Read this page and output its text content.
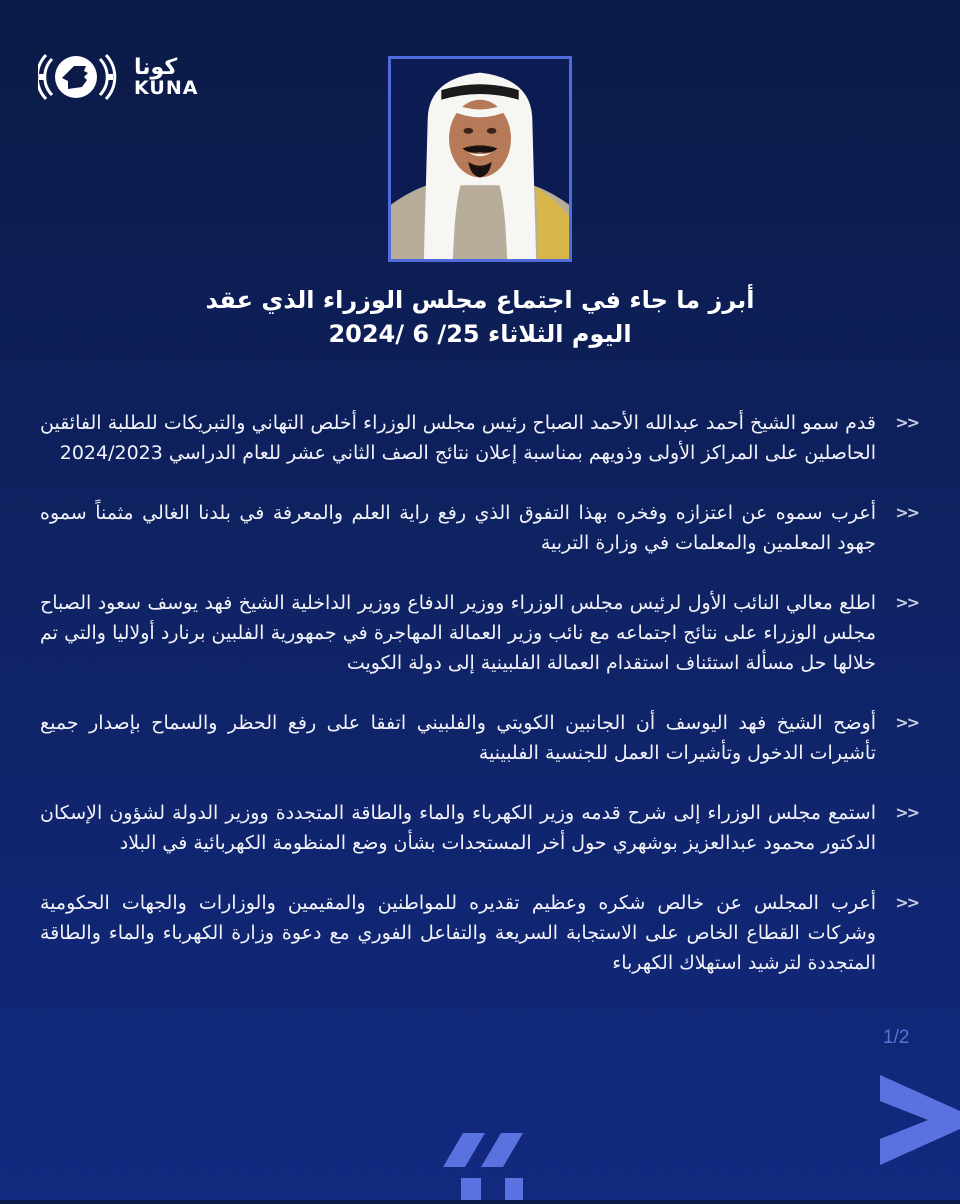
كونا
KUNA
أبرز ما جاء في اجتماع مجلس الوزراء الذي عقد
اليوم الثلاثاء 25/ 6 /2024
<<
قدم سمو الشيخ أحمد عبدالله الأحمد الصباح رئيس مجلس الوزراء أخلص التهاني والتبريكات للطلبة الفائقين الحاصلين على المراكز الأولى وذويهم بمناسبة إعلان نتائج الصف الثاني عشر للعام الدراسي 2024/2023
<<
أعرب سموه عن اعتزازه وفخره بهذا التفوق الذي رفع راية العلم والمعرفة في بلدنا الغالي مثمناً سموه جهود المعلمين والمعلمات في وزارة التربية
<<
اطلع معالي النائب الأول لرئيس مجلس الوزراء ووزير الدفاع ووزير الداخلية الشيخ فهد يوسف سعود الصباح مجلس الوزراء على نتائج اجتماعه مع نائب وزير العمالة المهاجرة في جمهورية الفلبين برنارد أولاليا والتي تم خلالها حل مسألة استئناف استقدام العمالة الفلبينية إلى دولة الكويت
<<
أوضح الشيخ فهد اليوسف أن الجانبين الكويتي والفلبيني اتفقا على رفع الحظر والسماح بإصدار جميع تأشيرات الدخول وتأشيرات العمل للجنسية الفلبينية
<<
استمع مجلس الوزراء إلى شرح قدمه وزير الكهرباء والماء والطاقة المتجددة ووزير الدولة لشؤون الإسكان الدكتور محمود عبدالعزيز بوشهري حول أخر المستجدات بشأن وضع المنظومة الكهربائية في البلاد
<<
أعرب المجلس عن خالص شكره وعظيم تقديره للمواطنين والمقيمين والوزارات والجهات الحكومية وشركات القطاع الخاص على الاستجابة السريعة والتفاعل الفوري مع دعوة وزارة الكهرباء والماء والطاقة المتجددة لترشيد استهلاك الكهرباء
1/2
